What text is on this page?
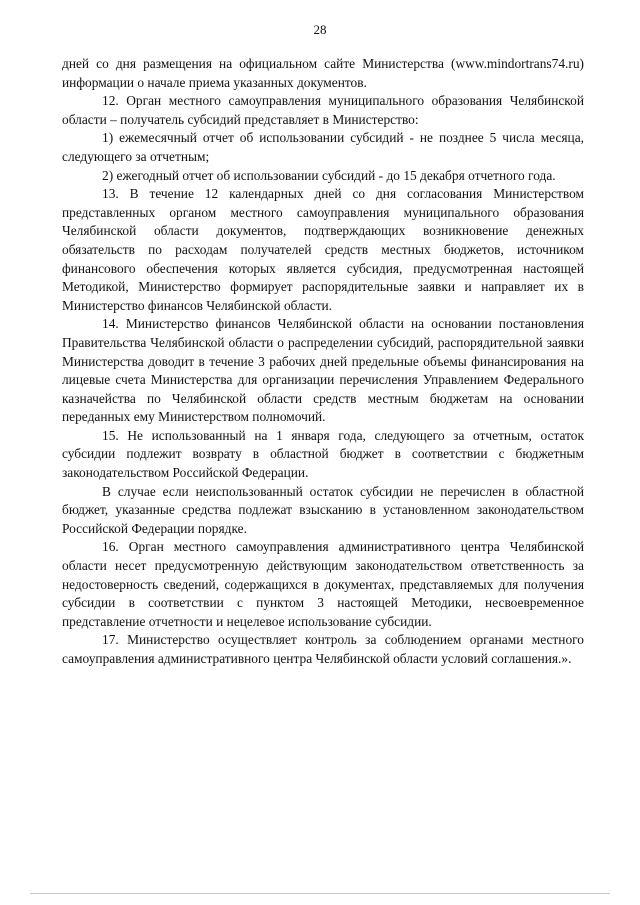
28

дней со дня размещения на официальном сайте Министерства (www.mindortrans74.ru) информации о начале приема указанных документов.

12. Орган местного самоуправления муниципального образования Челябинской области – получатель субсидий представляет в Министерство:

1) ежемесячный отчет об использовании субсидий - не позднее 5 числа месяца, следующего за отчетным;

2) ежегодный отчет об использовании субсидий - до 15 декабря отчетного года.

13. В течение 12 календарных дней со дня согласования Министерством представленных органом местного самоуправления муниципального образования Челябинской области документов, подтверждающих возникновение денежных обязательств по расходам получателей средств местных бюджетов, источником финансового обеспечения которых является субсидия, предусмотренная настоящей Методикой, Министерство формирует распорядительные заявки и направляет их в Министерство финансов Челябинской области.

14. Министерство финансов Челябинской области на основании постановления Правительства Челябинской области о распределении субсидий, распорядительной заявки Министерства доводит в течение 3 рабочих дней предельные объемы финансирования на лицевые счета Министерства для организации перечисления Управлением Федерального казначейства по Челябинской области средств местным бюджетам на основании переданных ему Министерством полномочий.

15. Не использованный на 1 января года, следующего за отчетным, остаток субсидии подлежит возврату в областной бюджет в соответствии с бюджетным законодательством Российской Федерации.

В случае если неиспользованный остаток субсидии не перечислен в областной бюджет, указанные средства подлежат взысканию в установленном законодательством Российской Федерации порядке.

16. Орган местного самоуправления административного центра Челябинской области несет предусмотренную действующим законодательством ответственность за недостоверность сведений, содержащихся в документах, представляемых для получения субсидии в соответствии с пунктом 3 настоящей Методики, несвоевременное представление отчетности и нецелевое использование субсидии.

17. Министерство осуществляет контроль за соблюдением органами местного самоуправления административного центра Челябинской области условий соглашения.».
